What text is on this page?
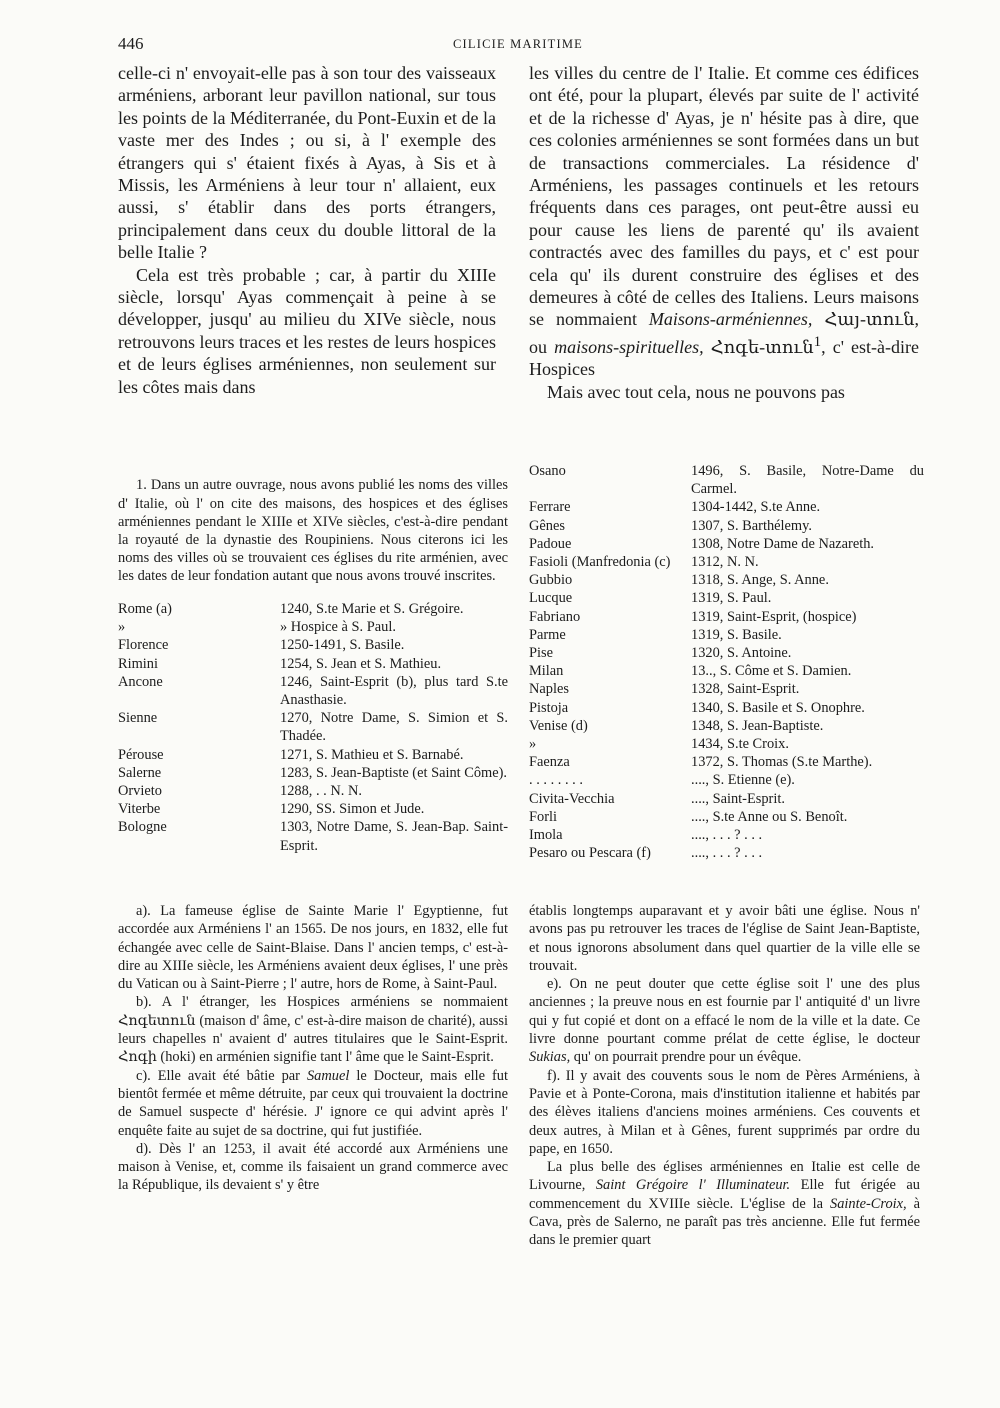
446	CILICIE MARITIME

celle-ci n' envoyait-elle pas à son tour des vaisseaux arméniens, arborant leur pavillon national, sur tous les points de la Méditerranée, du Pont-Euxin et de la vaste mer des Indes ; ou si, à l' exemple des étrangers qui s' étaient fixés à Ayas, à Sis et à Missis, les Arméniens à leur tour n' allaient, eux aussi, s' établir dans des ports étrangers, principalement dans ceux du double littoral de la belle Italie ?

Cela est très probable ; car, à partir du XIIIe siècle, lorsqu' Ayas commençait à peine à se développer, jusqu' au milieu du XIVe siècle, nous retrouvons leurs traces et les restes de leurs hospices et de leurs églises arméniennes, non seulement sur les côtes mais dans

les villes du centre de l' Italie. Et comme ces édifices ont été, pour la plupart, élevés par suite de l' activité et de la richesse d' Ayas, je n' hésite pas à dire, que ces colonies arméniennes se sont formées dans un but de transactions commerciales. La résidence d' Arméniens, les passages continuels et les retours fréquents dans ces parages, ont peut-être aussi eu pour cause les liens de parenté qu' ils avaient contractés avec des familles du pays, et c' est pour cela qu' ils durent construire des églises et des demeures à côté de celles des Italiens. Leurs maisons se nommaient Maisons-arméniennes, Հայ-տուն, ou maisons-spirituelles, Հոգե-տուն$^1$, c' est-à-dire Hospices

Mais avec tout cela, nous ne pouvons pas

1. Dans un autre ouvrage, nous avons publié les noms des villes d' Italie, où l' on cite des maisons, des hospices et des églises arméniennes pendant le XIIIe et XIVe siècles, c'est-à-dire pendant la royauté de la dynastie des Roupiniens. Nous citerons ici les noms des villes où se trouvaient ces églises du rite arménien, avec les dates de leur fondation autant que nous avons trouvé inscrites.

Rome (a)	1240, S.te Marie et S. Grégoire.
»	» Hospice à S. Paul.
Florence	1250-1491, S. Basile.
Rimini	1254, S. Jean et S. Mathieu.
Ancone	1246, Saint-Esprit (b), plus tard S.te Anasthasie.
Sienne	1270, Notre Dame, S. Simion et S. Thadée.
Pérouse	1271, S. Mathieu et S. Barnabé.
Salerne	1283, S. Jean-Baptiste (et Saint Côme).
Orvieto	1288, . . N. N.
Viterbe	1290, SS. Simon et Jude.
Bologne	1303, Notre Dame, S. Jean-Bap. Saint-Esprit.
Osano	1496, S. Basile, Notre-Dame du Carmel.
Ferrare	1304-1442, S.te Anne.
Gênes	1307, S. Barthélemy.
Padoue	1308, Notre Dame de Nazareth.
Fasioli (Manfredonia (c)	1312, N. N.
Gubbio	1318, S. Ange, S. Anne.
Lucque	1319, S. Paul.
Fabriano	1319, Saint-Esprit, (hospice)
Parme	1319, S. Basile.
Pise	1320, S. Antoine.
Milan	13.., S. Côme et S. Damien.
Naples	1328, Saint-Esprit.
Pistoja	1340, S. Basile et S. Onophre.
Venise (d)	1348, S. Jean-Baptiste.
»	1434, S.te Croix.
Faenza	1372, S. Thomas (S.te Marthe).
. . . . . . . .	...., S. Etienne (e).
Civita-Vecchia	...., Saint-Esprit.
Forli	...., S.te Anne ou S. Benoît.
Imola	...., . . . ? . . .
Pesaro ou Pescara (f)	...., . . . ? . . .

a). La fameuse église de Sainte Marie l' Egyptienne, fut accordée aux Arméniens l' an 1565. De nos jours, en 1832, elle fut échangée avec celle de Saint-Blaise. Dans l' ancien temps, c' est-à-dire au XIIIe siècle, les Arméniens avaient deux églises, l' une près du Vatican ou à Saint-Pierre ; l' autre, hors de Rome, à Saint-Paul.

b). A l' étranger, les Hospices arméniens se nommaient Հոգետուն (maison d' âme, c' est-à-dire maison de charité), aussi leurs chapelles n' avaient d' autres titulaires que le Saint-Esprit. Հոգի (hoki) en arménien signifie tant l' âme que le Saint-Esprit.

c). Elle avait été bâtie par Samuel le Docteur, mais elle fut bientôt fermée et même détruite, par ceux qui trouvaient la doctrine de Samuel suspecte d' hérésie. J' ignore ce qui advint après l' enquête faite au sujet de sa doctrine, qui fut justifiée.

d). Dès l' an 1253, il avait été accordé aux Arméniens une maison à Venise, et, comme ils faisaient un grand commerce avec la République, ils devaient s' y être

établis longtemps auparavant et y avoir bâti une église. Nous n' avons pas pu retrouver les traces de l'église de Saint Jean-Baptiste, et nous ignorons absolument dans quel quartier de la ville elle se trouvait.

e). On ne peut douter que cette église soit l' une des plus anciennes ; la preuve nous en est fournie par l' antiquité d' un livre qui y fut copié et dont on a effacé le nom de la ville et la date. Ce livre donne pourtant comme prélat de cette église, le docteur Sukias, qu' on pourrait prendre pour un évêque.

f). Il y avait des couvents sous le nom de Pères Arméniens, à Pavie et à Ponte-Corona, mais d'institution italienne et habités par des élèves italiens d'anciens moines arméniens. Ces couvents et deux autres, à Milan et à Gênes, furent supprimés par ordre du pape, en 1650.

La plus belle des églises arméniennes en Italie est celle de Livourne, Saint Grégoire l' Illuminateur. Elle fut érigée au commencement du XVIIIe siècle. L'église de la Sainte-Croix, à Cava, près de Salerno, ne paraît pas très ancienne. Elle fut fermée dans le premier quart
